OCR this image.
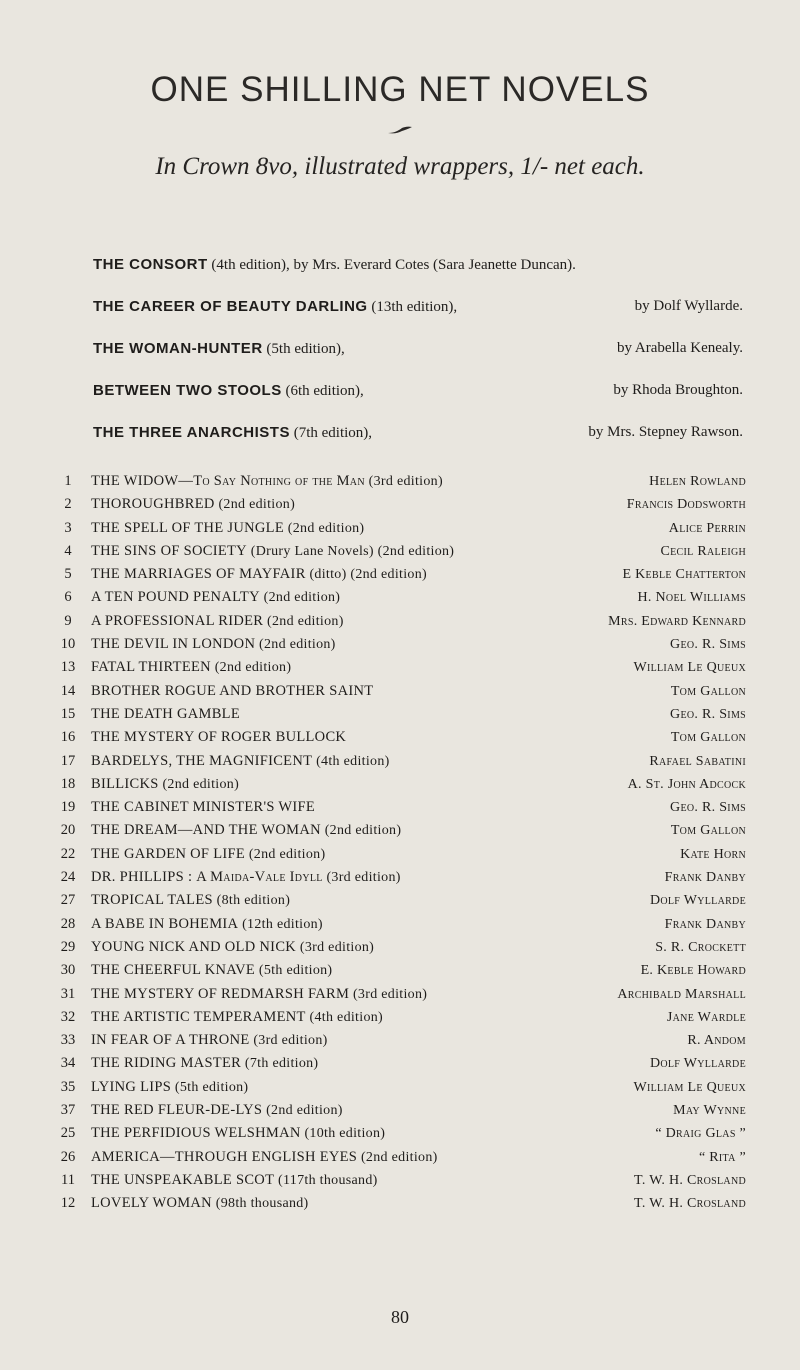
ONE SHILLING NET NOVELS
In Crown 8vo, illustrated wrappers, 1/- net each.
THE CONSORT (4th edition), by Mrs. Everard Cotes (Sara Jeanette Duncan).
THE CAREER OF BEAUTY DARLING (13th edition),	by Dolf Wyllarde.
THE WOMAN-HUNTER (5th edition),	by Arabella Kenealy.
BETWEEN TWO STOOLS (6th edition),	by Rhoda Broughton.
THE THREE ANARCHISTS (7th edition),	by Mrs. Stepney Rawson.
1	THE WIDOW—To Say Nothing of the Man (3rd edition)	Helen Rowland
2	THOROUGHBRED (2nd edition)	Francis Dodsworth
3	THE SPELL OF THE JUNGLE (2nd edition)	Alice Perrin
4	THE SINS OF SOCIETY (Drury Lane Novels) (2nd edition)	Cecil Raleigh
5	THE MARRIAGES OF MAYFAIR (ditto) (2nd edition)	E Keble Chatterton
6	A TEN POUND PENALTY (2nd edition)	H. Noel Williams
9	A PROFESSIONAL RIDER (2nd edition)	Mrs. Edward Kennard
10	THE DEVIL IN LONDON (2nd edition)	Geo. R. Sims
13	FATAL THIRTEEN (2nd edition)	William Le Queux
14	BROTHER ROGUE AND BROTHER SAINT	Tom Gallon
15	THE DEATH GAMBLE	Geo. R. Sims
16	THE MYSTERY OF ROGER BULLOCK	Tom Gallon
17	BARDELYS, THE MAGNIFICENT (4th edition)	Rafael Sabatini
18	BILLICKS (2nd edition)	A. St. John Adcock
19	THE CABINET MINISTER'S WIFE	Geo. R. Sims
20	THE DREAM—AND THE WOMAN (2nd edition)	Tom Gallon
22	THE GARDEN OF LIFE (2nd edition)	Kate Horn
24	DR. PHILLIPS : A Maida-Vale Idyll (3rd edition)	Frank Danby
27	TROPICAL TALES (8th edition)	Dolf Wyllarde
28	A BABE IN BOHEMIA (12th edition)	Frank Danby
29	YOUNG NICK AND OLD NICK (3rd edition)	S. R. Crockett
30	THE CHEERFUL KNAVE (5th edition)	E. Keble Howard
31	THE MYSTERY OF REDMARSH FARM (3rd edition)	Archibald Marshall
32	THE ARTISTIC TEMPERAMENT (4th edition)	Jane Wardle
33	IN FEAR OF A THRONE (3rd edition)	R. Andom
34	THE RIDING MASTER (7th edition)	Dolf Wyllarde
35	LYING LIPS (5th edition)	William Le Queux
37	THE RED FLEUR-DE-LYS (2nd edition)	May Wynne
25	THE PERFIDIOUS WELSHMAN (10th edition)	“ Draig Glas ”
26	AMERICA—THROUGH ENGLISH EYES (2nd edition)	“ Rita ”
11	THE UNSPEAKABLE SCOT (117th thousand)	T. W. H. Crosland
12	LOVELY WOMAN (98th thousand)	T. W. H. Crosland
80
